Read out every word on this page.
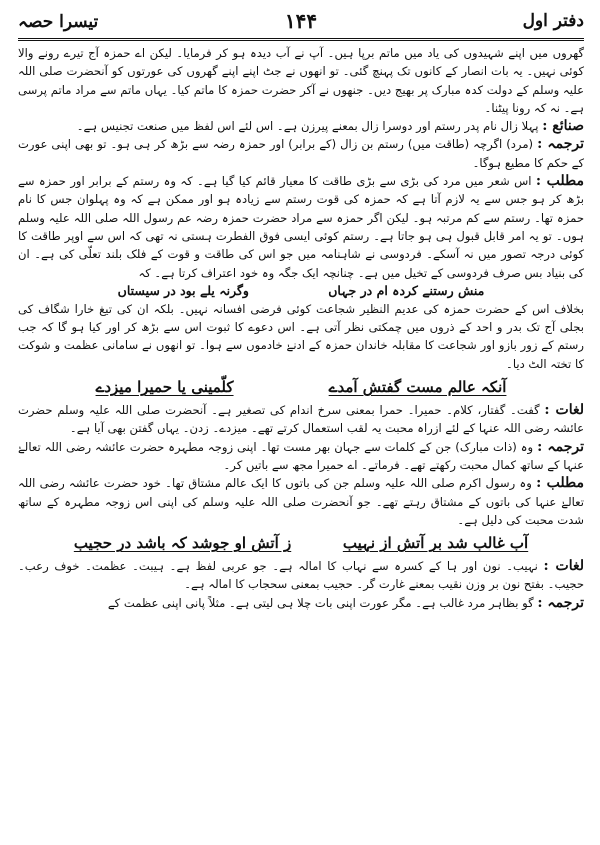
دفتر اول
۱۴۴
تیسرا حصہ

گھروں میں اپنے شہیدوں کی یاد میں ماتم برپا ہیں۔ آپ نے آب دیدہ ہو کر فرمایا۔ لیکن اے حمزہ آج تیرے رونے والا کوئی نہیں۔ یہ بات انصار کے کانوں تک پہنچ گئی۔ تو انھوں نے جٹ اپنے اپنے گھروں کی عورتوں کو آنحضرت صلی اللہ علیہ وسلم کے دولت کدہ مبارک پر بھیج دیں۔ جنھوں نے آکر حضرت حمزہ کا ماتم کیا۔ یہاں ماتم سے مراد ماتم پرسی ہے۔ نہ کہ رونا پیٹنا۔

صنائع : پہلا زال نام پدر رستم اور دوسرا زال بمعنے پیرزن ہے۔ اس لئے اس لفظ میں صنعت تجنیس ہے۔

ترجمہ : (مرد) اگرچہ (طاقت میں) رستم بن زال (کے برابر) اور حمزہ رضہ سے بڑھ کر ہی ہو۔ تو بھی اپنی عورت کے حکم کا مطیع ہوگا۔

مطلب : اس شعر میں مرد کی بڑی سے بڑی طاقت کا معیار قائم کیا گیا ہے۔ کہ وہ رستم کے برابر اور حمزہ سے بڑھ کر ہو جس سے یہ لازم آتا ہے کہ حمزہ کی قوت رستم سے زیادہ ہو اور ممکن ہے کہ وہ پہلوان جس کا نام حمزہ تھا۔ رستم سے کم مرتبہ ہو۔ لیکن اگر حمزہ سے مراد حضرت حمزہ رضہ عم رسول اللہ صلی اللہ علیہ وسلم ہوں۔ تو یہ امر قابل قبول ہی ہو جاتا ہے۔ رستم کوئی ایسی فوق الفطرت ہستی نہ تھی کہ اس سے اوپر طاقت کا کوئی درجہ تصور میں نہ آسکے۔ فردوسی نے شاہنامہ میں جو اس کی طاقت و قوت کے فلک بلند تعلّی کی ہے۔ ان کی بنیاد بس صرف فردوسی کے تخیل میں ہے۔ چنانچہ ایک جگہ وہ خود اعتراف کرتا ہے۔ کہ

منش رستنے کردہ ام در جہاں
وگرنہ یلے بود در سیستاں

بخلاف اس کے حضرت حمزہ کی عدیم النظیر شجاعت کوئی فرضی افسانہ نہیں۔ بلکہ ان کی تیغ خارا شگاف کی بجلی آج تک بدر و احد کے ذروں میں چمکتی نظر آتی ہے۔ اس دعوے کا ثبوت اس سے بڑھ کر اور کیا ہو گا کہ جب رستم کے زور بازو اور شجاعت کا مقابلہ خاندان حمزہ کے ادنےٰ خادموں سے ہوا۔ تو انھوں نے سامانی عظمت و شوکت کا تختہ الٹ دیا۔

آنکہ عالم مست گفتش آمدے
کلّمینی یا حمیرا میزدے

لغات : گفت۔ گفتار، کلام۔ حمیرا۔ حمرا بمعنی سرخ اندام کی تصغیر ہے۔ آنحضرت صلی اللہ علیہ وسلم حضرت عائشہ رضی اللہ عنہا کے لئے ازراہ محبت یہ لقب استعمال کرتے تھے۔ میزدے۔ زدن۔ یہاں گفتن بھی آیا ہے۔

ترجمہ : وہ (ذات مبارک) جن کے کلمات سے جہان بھر مست تھا۔ اپنی زوجہ مطہرہ حضرت عائشہ رضی اللہ تعالےٰ عنہا کے ساتھ کمال محبت رکھتے تھے۔ فرماتے۔ اے حمیرا مجھ سے باتیں کر۔

مطلب : وہ رسول اکرم صلی اللہ علیہ وسلم جن کی باتوں کا ایک عالم مشتاق تھا۔ خود حضرت عائشہ رضی اللہ تعالےٰ عنہا کی باتوں کے مشتاق رہتے تھے۔ جو آنحضرت صلی اللہ علیہ وسلم کی اپنی اس زوجہ مطہرہ کے ساتھ شدت محبت کی دلیل ہے۔

آب غالب شد بر آتش از نہیب
ز آتش او جوشد کہ باشد در حجیب

لغات : نہیب۔ نون اور ہا کے کسرہ سے نہاب کا امالہ ہے۔ جو عربی لفظ ہے۔ ہیبت۔ عظمت۔ خوف رعب۔ حجیب۔ بفتح نون بر وزن نقیب بمعنے غارت گر۔ حجیب بمعنی سحجاب کا امالہ ہے۔

ترجمہ : گو بظاہر مرد غالب ہے۔ مگر عورت اپنی بات چلا ہی لیتی ہے۔ مثلاً پانی اپنی عظمت کے
